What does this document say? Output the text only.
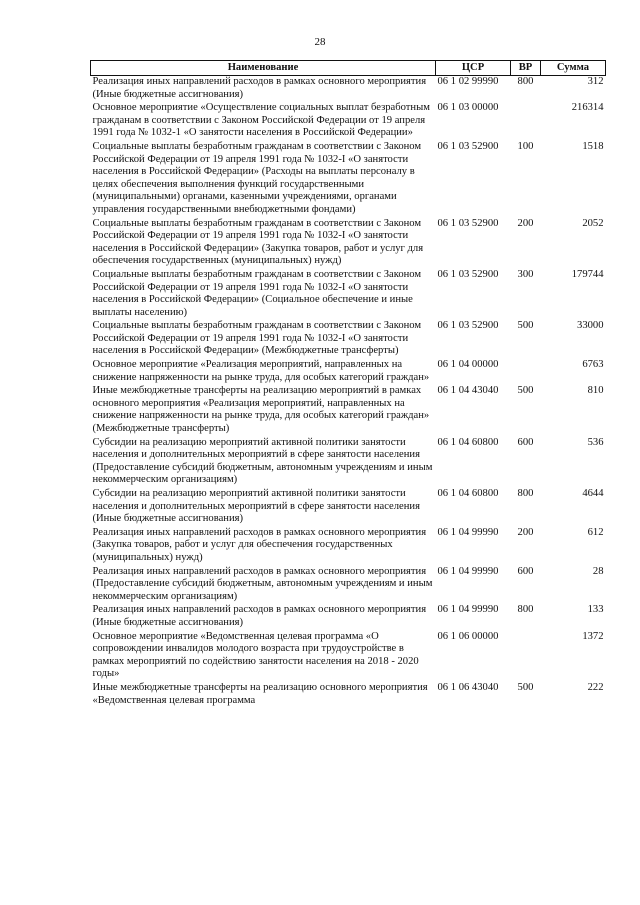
28
Наименование	ЦСР	ВР	Сумма
Реализация иных направлений расходов в рамках основного мероприятия (Иные бюджетные ассигнования)	06 1 02 99990	800	312
Основное мероприятие «Осуществление социальных выплат безработным гражданам в соответствии с Законом Российской Федерации от 19 апреля 1991 года № 1032-1 «О занятости населения в Российской Федерации»	06 1 03 00000		216314
Социальные выплаты безработным гражданам в соответствии с Законом Российской Федерации от 19 апреля 1991 года № 1032-I «О занятости населения в Российской Федерации» (Расходы на выплаты персоналу в целях обеспечения выполнения функций государственными (муниципальными) органами, казенными учреждениями, органами управления государственными внебюджетными фондами)	06 1 03 52900	100	1518
Социальные выплаты безработным гражданам в соответствии с Законом Российской Федерации от 19 апреля 1991 года № 1032-I «О занятости населения в Российской Федерации» (Закупка товаров, работ и услуг для обеспечения государственных (муниципальных) нужд)	06 1 03 52900	200	2052
Социальные выплаты безработным гражданам в соответствии с Законом Российской Федерации от 19 апреля 1991 года № 1032-I «О занятости населения в Российской Федерации» (Социальное обеспечение и иные выплаты населению)	06 1 03 52900	300	179744
Социальные выплаты безработным гражданам в соответствии с Законом Российской Федерации от 19 апреля 1991 года № 1032-I «О занятости населения в Российской Федерации» (Межбюджетные трансферты)	06 1 03 52900	500	33000
Основное мероприятие «Реализация мероприятий, направленных на снижение напряженности на рынке труда, для особых категорий граждан»	06 1 04 00000		6763
Иные межбюджетные трансферты на реализацию мероприятий в рамках основного мероприятия «Реализация мероприятий, направленных на снижение напряженности на рынке труда, для особых категорий граждан» (Межбюджетные трансферты)	06 1 04 43040	500	810
Субсидии на реализацию мероприятий активной политики занятости населения и дополнительных мероприятий в сфере занятости населения (Предоставление субсидий бюджетным, автономным учреждениям и иным некоммерческим организациям)	06 1 04 60800	600	536
Субсидии на реализацию мероприятий активной политики занятости населения и дополнительных мероприятий в сфере занятости населения (Иные бюджетные ассигнования)	06 1 04 60800	800	4644
Реализация иных направлений расходов в рамках основного мероприятия (Закупка товаров, работ и услуг для обеспечения государственных (муниципальных) нужд)	06 1 04 99990	200	612
Реализация иных направлений расходов в рамках основного мероприятия (Предоставление субсидий бюджетным, автономным учреждениям и иным некоммерческим организациям)	06 1 04 99990	600	28
Реализация иных направлений расходов в рамках основного мероприятия (Иные бюджетные ассигнования)	06 1 04 99990	800	133
Основное мероприятие «Ведомственная целевая программа «О сопровождении инвалидов молодого возраста при трудоустройстве в рамках мероприятий по содействию занятости населения на 2018 - 2020 годы»	06 1 06 00000		1372
Иные межбюджетные трансферты на реализацию основного мероприятия «Ведомственная целевая программа	06 1 06 43040	500	222
